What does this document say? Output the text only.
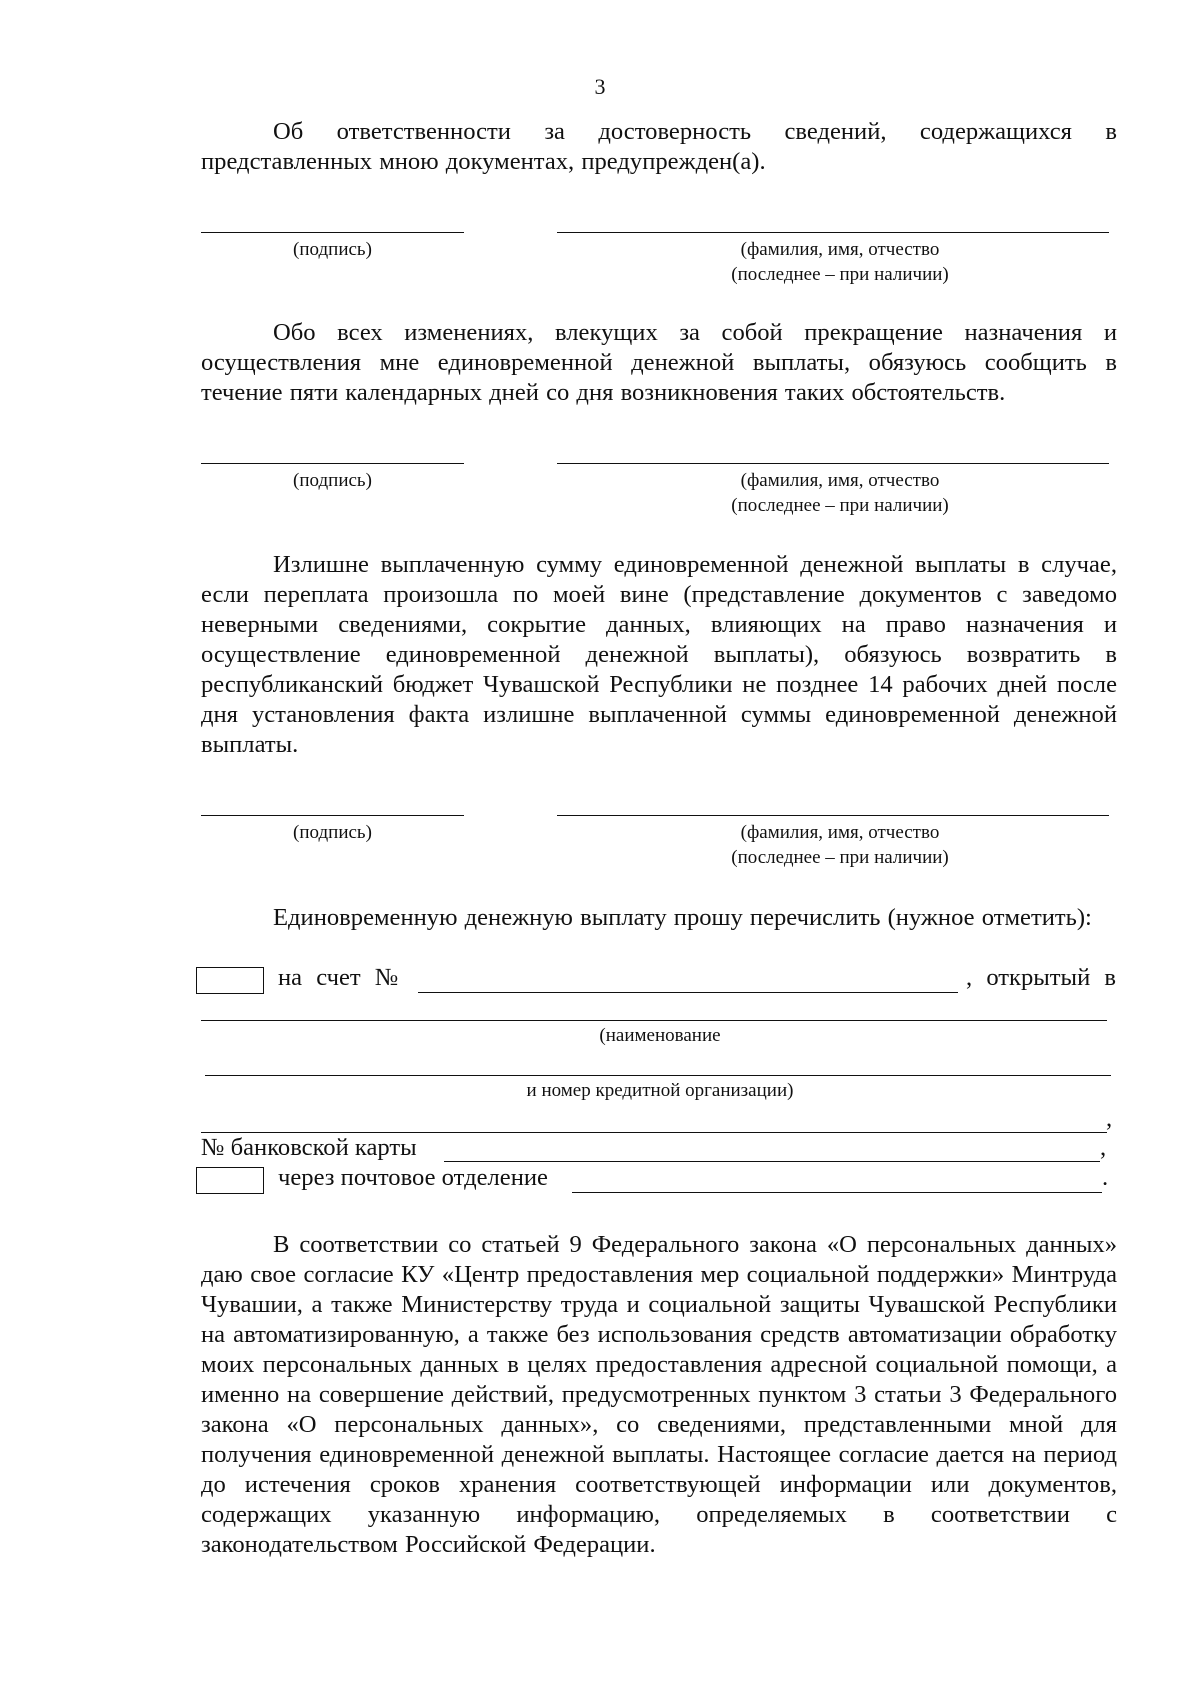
3

Об ответственности за достоверность сведений, содержащихся в представленных мною документах, предупрежден(а).

(подпись)	(фамилия, имя, отчество
(последнее – при наличии)

Обо всех изменениях, влекущих за собой прекращение назначения и осуществления мне единовременной денежной выплаты, обязуюсь сообщить в течение пяти календарных дней со дня возникновения таких обстоятельств.

(подпись)	(фамилия, имя, отчество
(последнее – при наличии)

Излишне выплаченную сумму единовременной денежной выплаты в случае, если переплата произошла по моей вине (представление документов с заведомо неверными сведениями, сокрытие данных, влияющих на право назначения и осуществление единовременной денежной выплаты), обязуюсь возвратить в республиканский бюджет Чувашской Республики не позднее 14 рабочих дней после дня установления факта излишне выплаченной суммы единовременной денежной выплаты.

(подпись)	(фамилия, имя, отчество
(последнее – при наличии)

Единовременную денежную выплату прошу перечислить (нужное отметить):

на счет №	, открытый в
(наименование
и номер кредитной организации)
,
№ банковской карты	,
через почтовое отделение	.

В соответствии со статьей 9 Федерального закона «О персональных данных» даю свое согласие КУ «Центр предоставления мер социальной поддержки» Минтруда Чувашии, а также Министерству труда и социальной защиты Чувашской Республики на автоматизированную, а также без использования средств автоматизации обработку моих персональных данных в целях предоставления адресной социальной помощи, а именно на совершение действий, предусмотренных пунктом 3 статьи 3 Федерального закона «О персональных данных», со сведениями, представленными мной для получения единовременной денежной выплаты. Настоящее согласие дается на период до истечения сроков хранения соответствующей информации или документов, содержащих указанную информацию, определяемых в соответствии с законодательством Российской Федерации.
